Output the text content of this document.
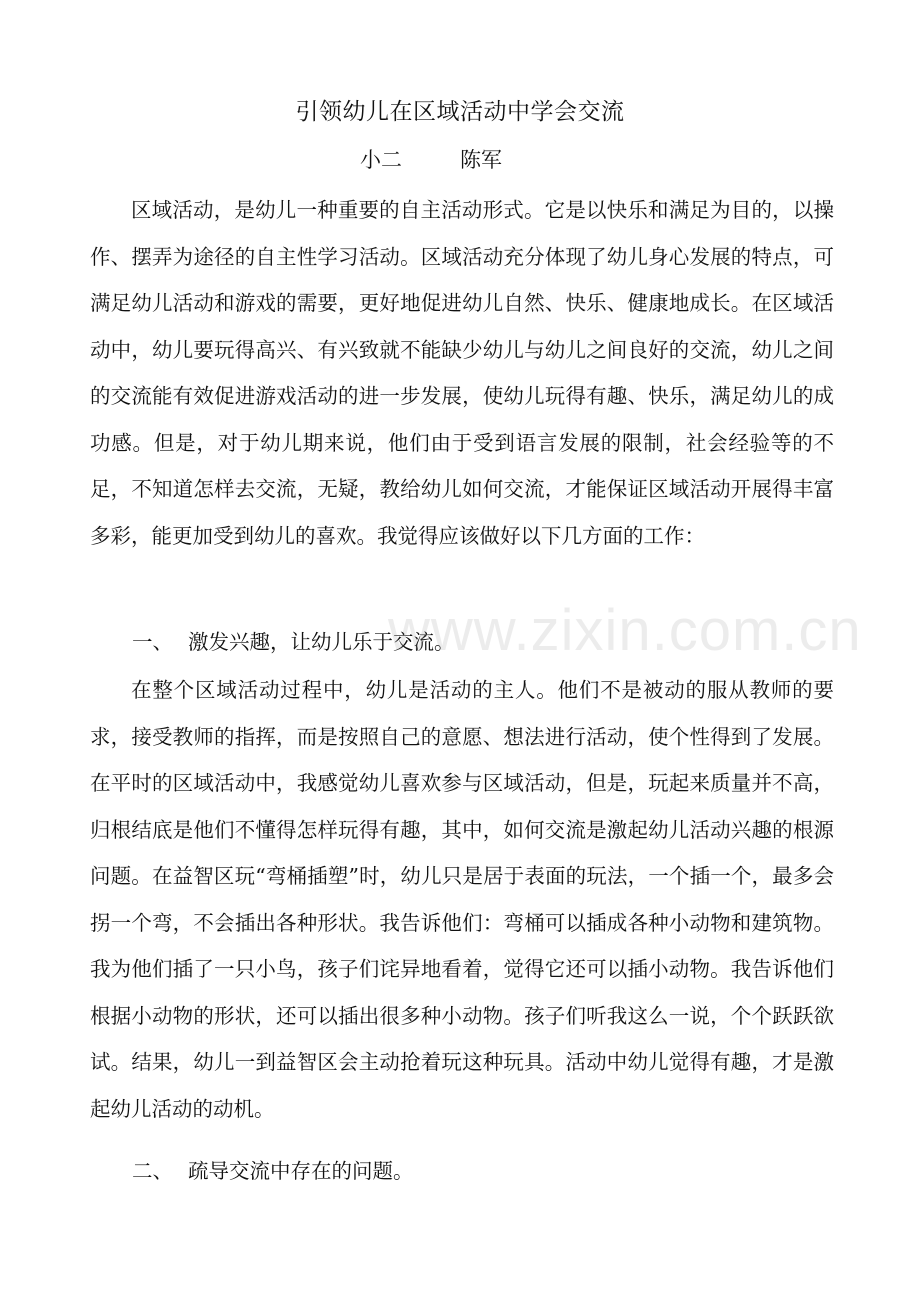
引领幼儿在区域活动中学会交流
小二	陈军

区域活动，是幼儿一种重要的自主活动形式。它是以快乐和满足为目的，以操作、摆弄为途径的自主性学习活动。区域活动充分体现了幼儿身心发展的特点，可满足幼儿活动和游戏的需要，更好地促进幼儿自然、快乐、健康地成长。在区域活动中，幼儿要玩得高兴、有兴致就不能缺少幼儿与幼儿之间良好的交流，幼儿之间的交流能有效促进游戏活动的进一步发展，使幼儿玩得有趣、快乐，满足幼儿的成功感。但是，对于幼儿期来说，他们由于受到语言发展的限制，社会经验等的不足，不知道怎样去交流，无疑，教给幼儿如何交流，才能保证区域活动开展得丰富多彩，能更加受到幼儿的喜欢。我觉得应该做好以下几方面的工作：

一、 激发兴趣，让幼儿乐于交流。

在整个区域活动过程中，幼儿是活动的主人。他们不是被动的服从教师的要求，接受教师的指挥，而是按照自己的意愿、想法进行活动，使个性得到了发展。在平时的区域活动中，我感觉幼儿喜欢参与区域活动，但是，玩起来质量并不高，归根结底是他们不懂得怎样玩得有趣，其中，如何交流是激起幼儿活动兴趣的根源问题。在益智区玩“弯桶插塑”时，幼儿只是居于表面的玩法，一个插一个，最多会拐一个弯，不会插出各种形状。我告诉他们：弯桶可以插成各种小动物和建筑物。我为他们插了一只小鸟，孩子们诧异地看着，觉得它还可以插小动物。我告诉他们根据小动物的形状，还可以插出很多种小动物。孩子们听我这么一说，个个跃跃欲试。结果，幼儿一到益智区会主动抢着玩这种玩具。活动中幼儿觉得有趣，才是激起幼儿活动的动机。

二、 疏导交流中存在的问题。
www.zixin.com.cn
